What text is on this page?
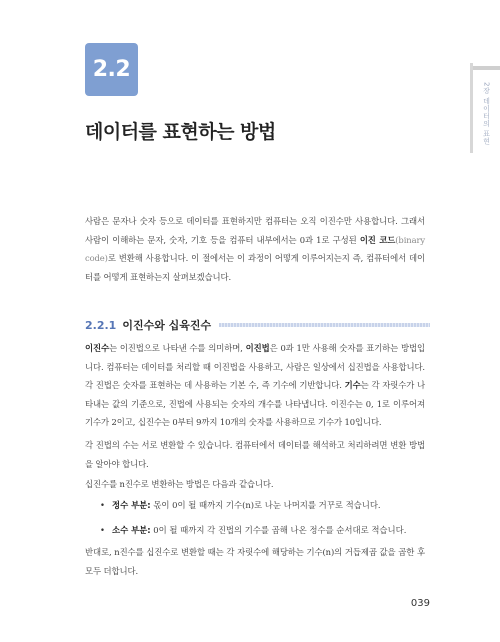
2.2
데이터를 표현하는 방법	2장 데이터의 표현

사람은 문자나 숫자 등으로 데이터를 표현하지만 컴퓨터는 오직 이진수만 사용합니다. 그래서 사람이 이해하는 문자, 숫자, 기호 등을 컴퓨터 내부에서는 0과 1로 구성된 이진 코드(binary code)로 변환해 사용합니다. 이 절에서는 이 과정이 어떻게 이루어지는지 즉, 컴퓨터에서 데이터를 어떻게 표현하는지 살펴보겠습니다.

2.2.1 이진수와 십육진수

이진수는 이진법으로 나타낸 수를 의미하며, 이진법은 0과 1만 사용해 숫자를 표기하는 방법입니다. 컴퓨터는 데이터를 처리할 때 이진법을 사용하고, 사람은 일상에서 십진법을 사용합니다. 각 진법은 숫자를 표현하는 데 사용하는 기본 수, 즉 기수에 기반합니다. 기수는 각 자릿수가 나타내는 값의 기준으로, 진법에 사용되는 숫자의 개수를 나타냅니다. 이진수는 0, 1로 이루어져 기수가 2이고, 십진수는 0부터 9까지 10개의 숫자를 사용하므로 기수가 10입니다.

각 진법의 수는 서로 변환할 수 있습니다. 컴퓨터에서 데이터를 해석하고 처리하려면 변환 방법을 알아야 합니다.

십진수를 n진수로 변환하는 방법은 다음과 같습니다.

• 정수 부분: 몫이 0이 될 때까지 기수(n)로 나눈 나머지를 거꾸로 적습니다.
• 소수 부분: 0이 될 때까지 각 진법의 기수를 곱해 나온 정수를 순서대로 적습니다.

반대로, n진수를 십진수로 변환할 때는 각 자릿수에 해당하는 기수(n)의 거듭제곱 값을 곱한 후 모두 더합니다.

039
